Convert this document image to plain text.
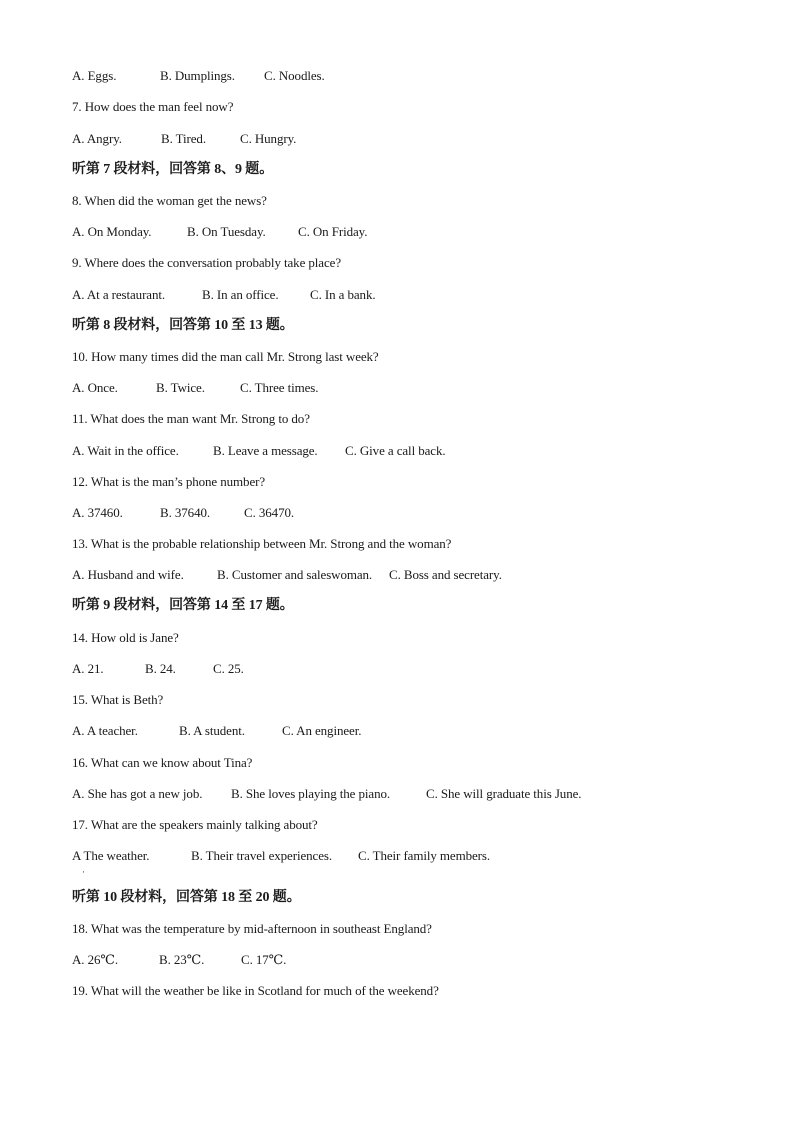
A. Eggs.	B. Dumplings. C. Noodles.
7. How does the man feel now?
A. Angry.	B. Tired.	C. Hungry.
听第 7 段材料，回答第 8、9 题。
8. When did the woman get the news?
A. On Monday.	B. On Tuesday. C. On Friday.
9. Where does the conversation probably take place?
A. At a restaurant.	B. In an office. C. In a bank.
听第 8 段材料，回答第 10 至 13 题。
10. How many times did the man call Mr. Strong last week?
A. Once.	B. Twice.	C. Three times.
11. What does the man want Mr. Strong to do?
A. Wait in the office.	B. Leave a message. C. Give a call back.
12. What is the man’s phone number?
A. 37460.	B. 37640.	C. 36470.
13. What is the probable relationship between Mr. Strong and the woman?
A. Husband and wife.	B. Customer and saleswoman. C. Boss and secretary.
听第 9 段材料，回答第 14 至 17 题。
14. How old is Jane?
A. 21.	B. 24.	C. 25.
15. What is Beth?
A. A teacher.	B. A student.	C. An engineer.
16. What can we know about Tina?
A. She has got a new job. B. She loves playing the piano.	C. She will graduate this June.
17. What are the speakers mainly talking about?
A The weather.	B. Their travel experiences. C. Their family members.
·
听第 10 段材料，回答第 18 至 20 题。
18. What was the temperature by mid-afternoon in southeast England?
A. 26℃.	B. 23℃.	C. 17℃.
19. What will the weather be like in Scotland for much of the weekend?
